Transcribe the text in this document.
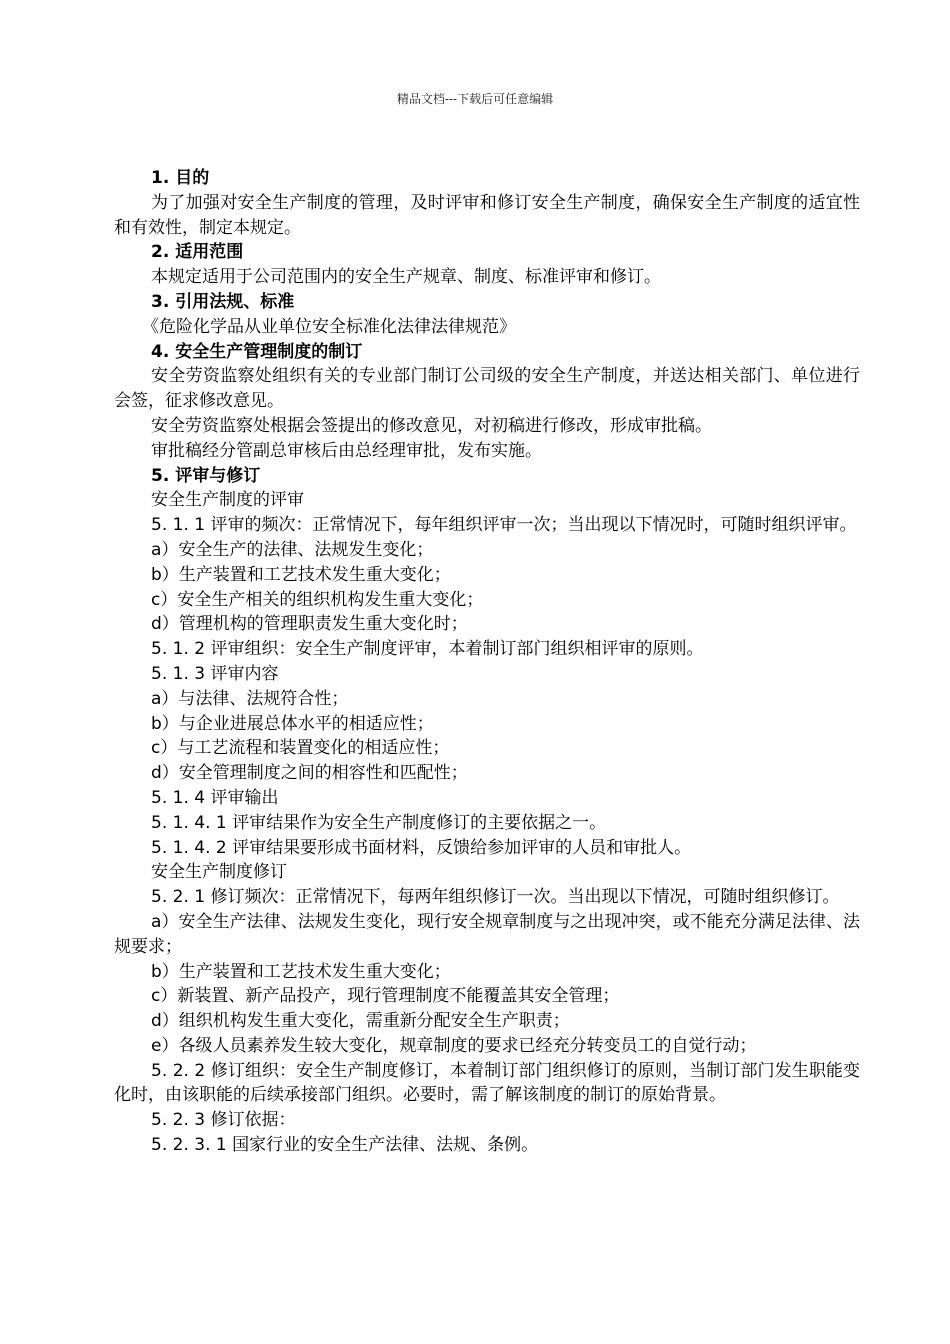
精品文档---下载后可任意编辑
1. 目的
为了加强对安全生产制度的管理，及时评审和修订安全生产制度，确保安全生产制度的适宜性和有效性，制定本规定。
2. 适用范围
本规定适用于公司范围内的安全生产规章、制度、标准评审和修订。
3. 引用法规、标准
《危险化学品从业单位安全标准化法律法律规范》
4. 安全生产管理制度的制订
安全劳资监察处组织有关的专业部门制订公司级的安全生产制度，并送达相关部门、单位进行会签，征求修改意见。
安全劳资监察处根据会签提出的修改意见，对初稿进行修改，形成审批稿。
审批稿经分管副总审核后由总经理审批，发布实施。
5. 评审与修订
安全生产制度的评审
5. 1. 1 评审的频次：正常情况下，每年组织评审一次；当出现以下情况时，可随时组织评审。
a）安全生产的法律、法规发生变化；
b）生产装置和工艺技术发生重大变化；
c）安全生产相关的组织机构发生重大变化；
d）管理机构的管理职责发生重大变化时；
5. 1. 2 评审组织：安全生产制度评审，本着制订部门组织相评审的原则。
5. 1. 3 评审内容
a）与法律、法规符合性；
b）与企业进展总体水平的相适应性；
c）与工艺流程和装置变化的相适应性；
d）安全管理制度之间的相容性和匹配性；
5. 1. 4 评审输出
5. 1. 4. 1 评审结果作为安全生产制度修订的主要依据之一。
5. 1. 4. 2 评审结果要形成书面材料，反馈给参加评审的人员和审批人。
安全生产制度修订
5. 2. 1 修订频次：正常情况下，每两年组织修订一次。当出现以下情况，可随时组织修订。
a）安全生产法律、法规发生变化，现行安全规章制度与之出现冲突，或不能充分满足法律、法规要求；
b）生产装置和工艺技术发生重大变化；
c）新装置、新产品投产，现行管理制度不能覆盖其安全管理；
d）组织机构发生重大变化，需重新分配安全生产职责；
e）各级人员素养发生较大变化，规章制度的要求已经充分转变员工的自觉行动；
5. 2. 2 修订组织：安全生产制度修订，本着制订部门组织修订的原则，当制订部门发生职能变化时，由该职能的后续承接部门组织。必要时，需了解该制度的制订的原始背景。
5. 2. 3 修订依据：
5. 2. 3. 1 国家行业的安全生产法律、法规、条例。
